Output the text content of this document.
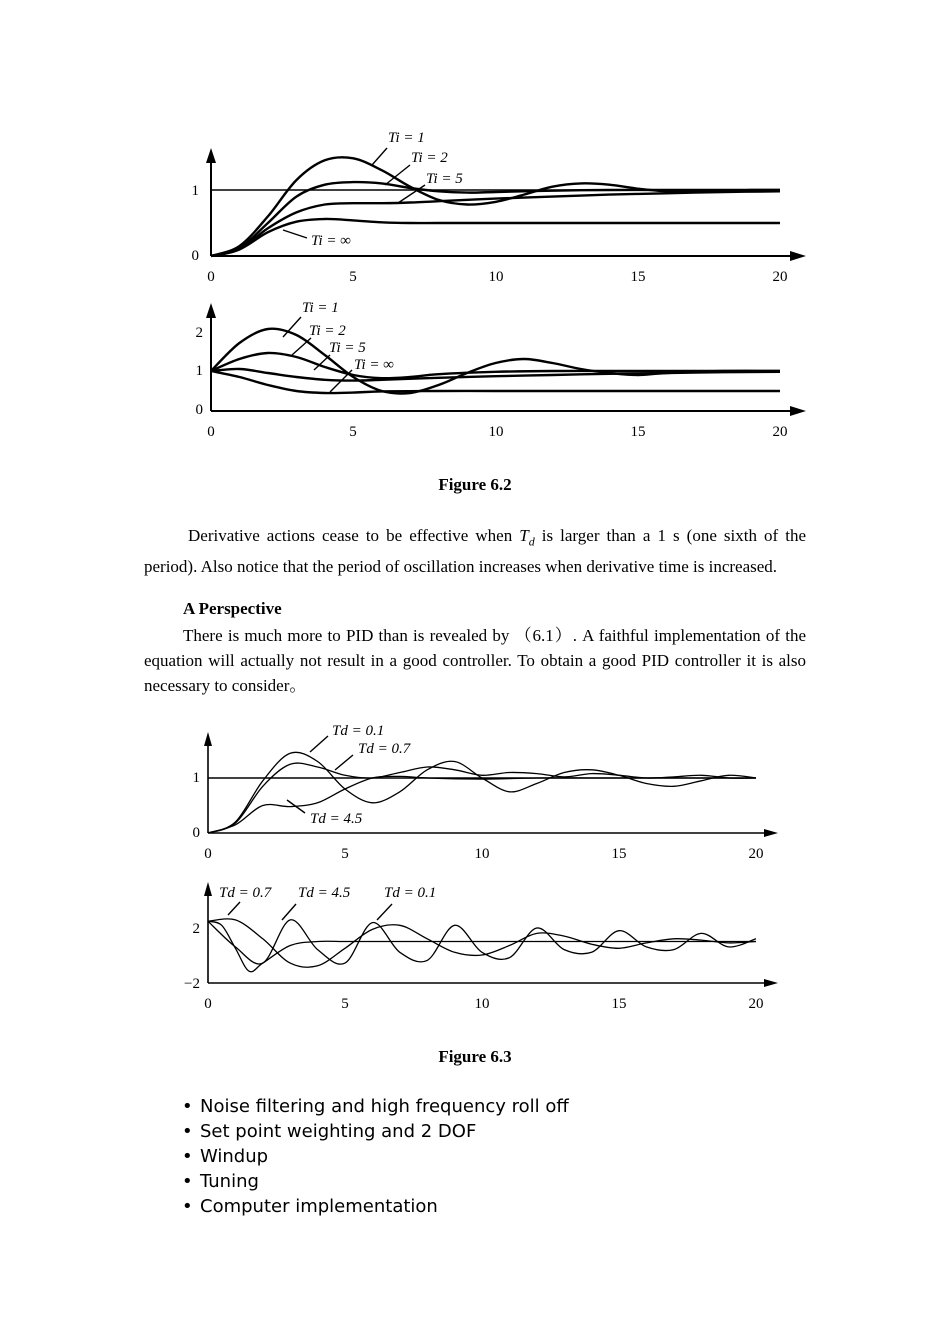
1
0
0	5	10	15	20
Ti = 1
Ti = 2
Ti = 5
Ti = ∞
2
1
0
0	5	10	15	20
Ti = 1
Ti = 2
Ti = 5
Ti = ∞
Figure 6.2

Derivative actions cease to be effective when $T_d$ is larger than a 1 s (one sixth of the period). Also notice that the period of oscillation increases when derivative time is increased.

A Perspective

There is much more to PID than is revealed by （6.1）. A faithful implementation of the equation will actually not result in a good controller. To obtain a good PID controller it is also necessary to consider。

1
0
0	5	10	15	20
Td = 0.1
Td = 0.7
Td = 4.5
2
−2
0	5	10	15	20
Td = 0.7 Td = 4.5 Td = 0.1
Figure 6.3
• Noise filtering and high frequency roll off
• Set point weighting and 2 DOF
• Windup
• Tuning
• Computer implementation
